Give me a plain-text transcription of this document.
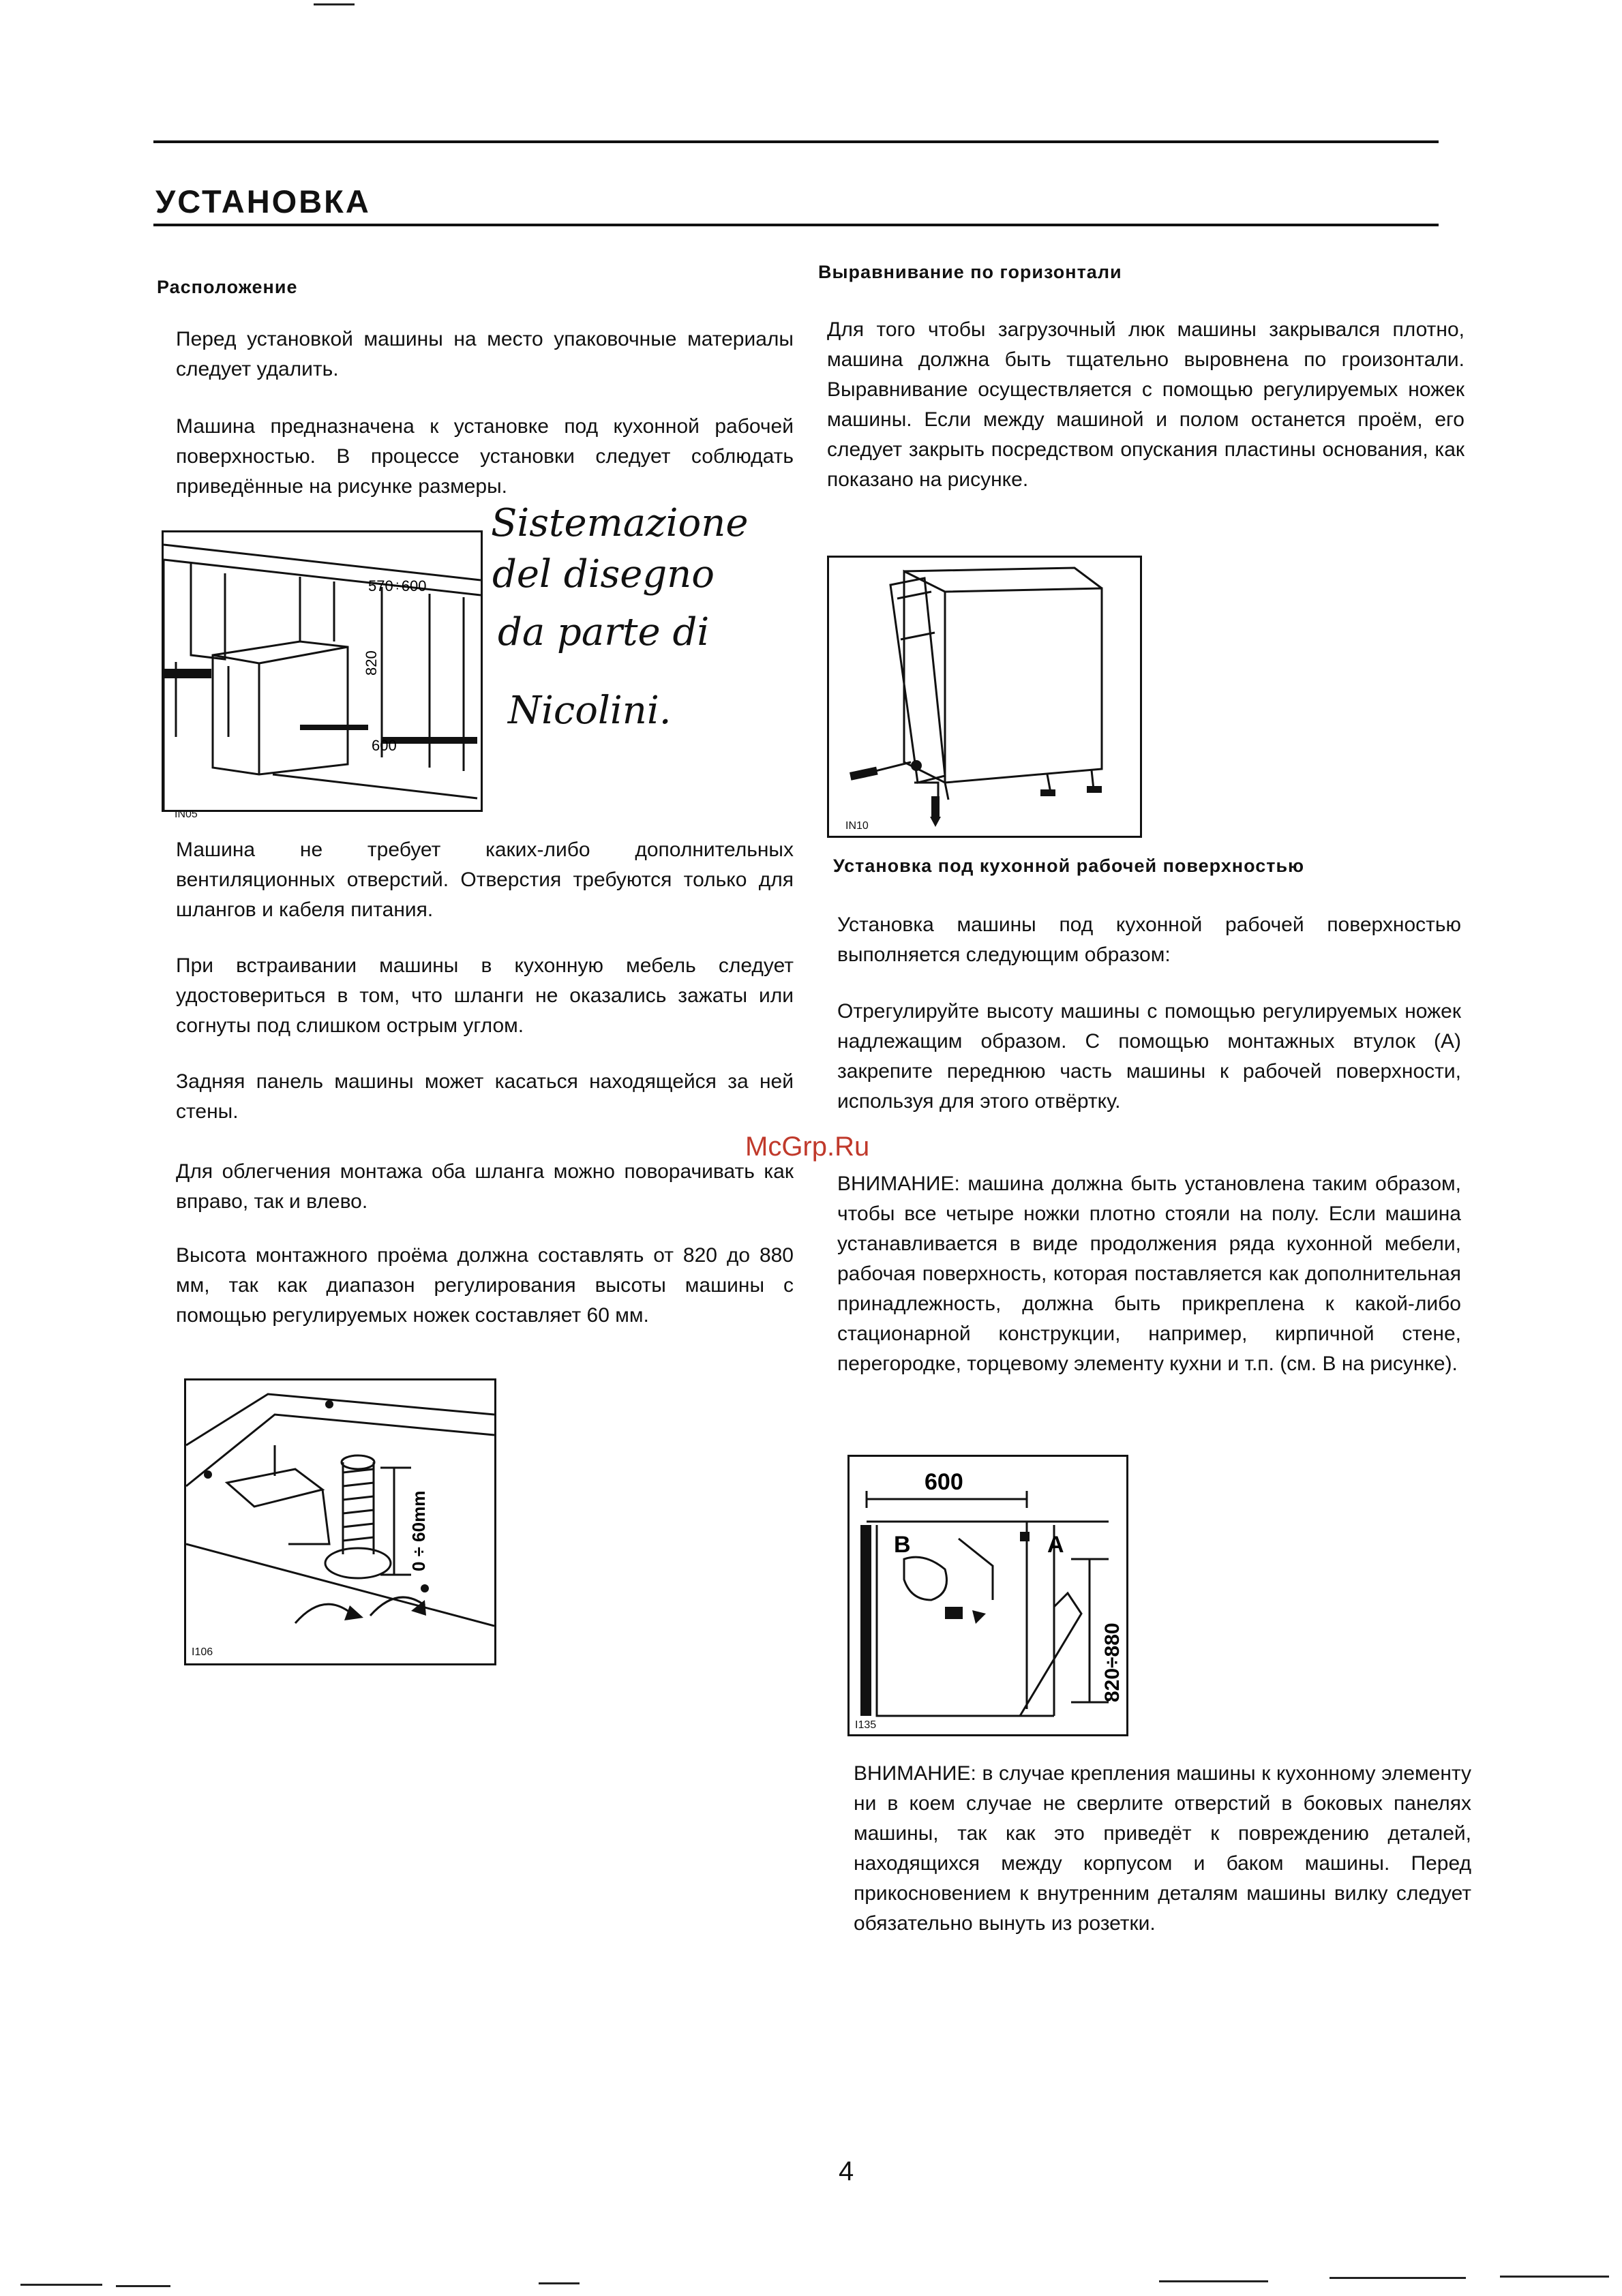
УСТАНОВКА
Расположение
Перед установкой машины на место упаковочные материалы следует удалить.
Машина предназначена к установке под кухонной рабочей поверхностью. В процессе установки следует соблюдать приведённые на рисунке размеры.
570÷600
820
600
IN05
Sistemazione
del disegno
da parte di
Nicolini.
Машина не требует каких-либо дополнительных вентиляционных отверстий. Отверстия требуются только для шлангов и кабеля питания.
При встраивании машины в кухонную мебель следует удостовериться в том, что шланги не оказались зажаты или согнуты под слишком острым углом.
Задняя панель машины может касаться находящейся за ней стены.
Для облегчения монтажа оба шланга можно поворачивать как вправо, так и влево.
Высота монтажного проёма должна составлять от 820 до 880 мм, так как диапазон регулирования высоты машины с помощью регулируемых ножек составляет 60 мм.
0 ÷ 60mm
I106
Выравнивание по горизонтали
Для того чтобы загрузочный люк машины закрывался плотно, машина должна быть тщательно выровнена по гроизонтали. Выравнивание осуществляется с помощью регулируемых ножек машины. Если между машиной и полом останется проём, его следует закрыть посредством опускания пластины основания, как показано на рисунке.
IN10
Установка под кухонной рабочей поверхностью
Установка машины под кухонной рабочей поверхностью выполняется следующим образом:
Отрегулируйте высоту машины с помощью регулируемых ножек надлежащим образом. С помощью монтажных втулок (А) закрепите переднюю часть машины к рабочей поверхности, используя для этого отвёртку.
ВНИМАНИЕ: машина должна быть установлена таким образом, чтобы все четыре ножки плотно стояли на полу. Если машина устанавливается в виде продолжения ряда кухонной мебели, рабочая поверхность, которая поставляется как дополнительная принадлежность, должна быть прикреплена к какой-либо стационарной конструкции, например, кирпичной стене, перегородке, торцевому элементу кухни и т.п. (см. В на рисунке).
600
B	A
820÷880
I135
ВНИМАНИЕ: в случае крепления машины к кухонному элементу ни в коем случае не сверлите отверстий в боковых панелях машины, так как это приведёт к повреждению деталей, находящихся между корпусом и баком машины. Перед прикосновением к внутренним деталям машины вилку следует обязательно вынуть из розетки.
McGrp.Ru
4
